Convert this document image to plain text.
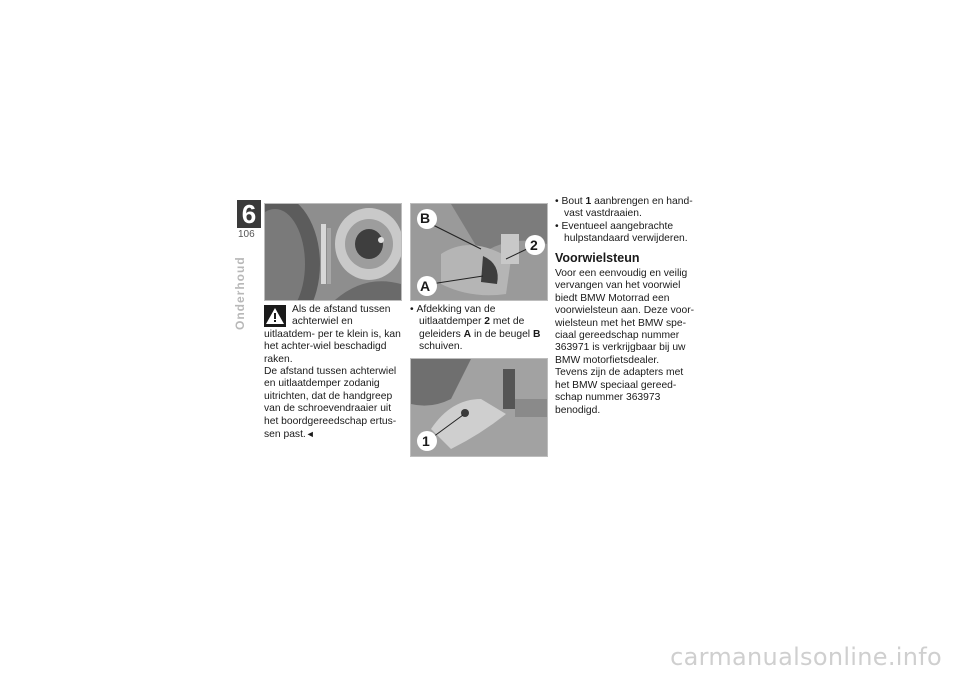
6
106
Onderhoud
B
2
A
1

Als de afstand tussen
achterwiel en uitlaatdem- per te klein is, kan het achter-wiel beschadigd raken.

De afstand tussen achterwiel en uitlaatdemper zodanig uitrichten, dat de handgreep van de schroevendraaier uit het boordgereedschap ertus-sen past.◄

• Afdekking van de uitlaatdemper 2 met de geleiders A in de beugel B schuiven.

• Bout 1 aanbrengen en hand-vast vastdraaien.

• Eventueel aangebrachte hulpstandaard verwijderen.

Voorwielsteun

Voor een eenvoudig en veilig vervangen van het voorwiel biedt BMW Motorrad een voorwielsteun aan. Deze voor-wielsteun met het BMW spe-ciaal gereedschap nummer 363971 is verkrijgbaar bij uw BMW motorfietsdealer.

Tevens zijn de adapters met het BMW speciaal gereed-schap nummer 363973 benodigd.

carmanualsonline.info
